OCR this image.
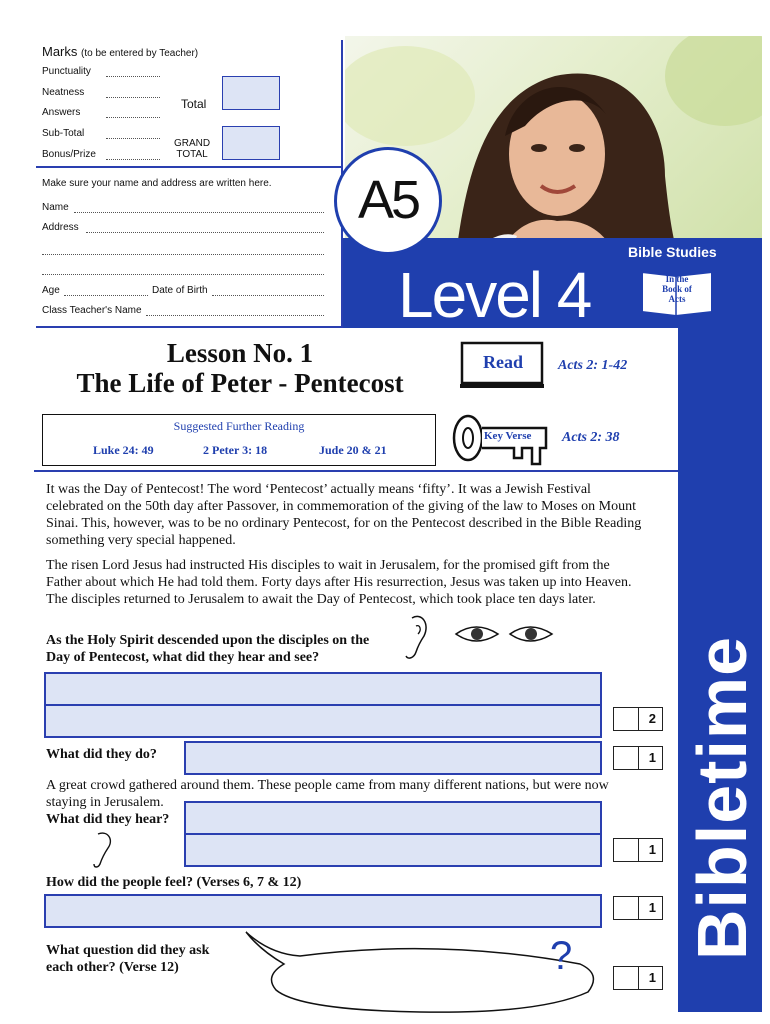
Marks (to be entered by Teacher)
Punctuality
Neatness
Answers
Sub-Total
Bonus/Prize
Total
GRAND
TOTAL
Make sure your name and address are written here.
Name
Address
Age	Date of Birth
Class Teacher's Name
Bible Studies
Level 4	In the
Book of
Acts
A5
Bibletime
Lesson No. 1
The Life of Peter - Pentecost
Read	Acts 2: 1-42
Key Verse Acts 2: 38
Suggested Further Reading
Luke 24: 49	2 Peter 3: 18	Jude 20 & 21
It was the Day of Pentecost! The word ‘Pentecost’ actually means ‘fifty’. It was a Jewish Festival celebrated on the 50th day after Passover, in commemoration of the giving of the law to Moses on Mount Sinai. This, however, was to be no ordinary Pentecost, for on the Pentecost described in the Bible Reading something very special happened.
The risen Lord Jesus had instructed His disciples to wait in Jerusalem, for the promised gift from the Father about which He had told them. Forty days after His resurrection, Jesus was taken up into Heaven. The disciples returned to Jerusalem to await the Day of Pentecost, which took place ten days later.
As the Holy Spirit descended upon the disciples on the Day of Pentecost, what did they hear and see?
2
What did they do?	1
A great crowd gathered around them. These people came from many different nations, but were now staying in Jerusalem.
What did they hear?
1
How did the people feel? (Verses 6, 7 & 12)
1
What question did they ask each other? (Verse 12)	?	1
